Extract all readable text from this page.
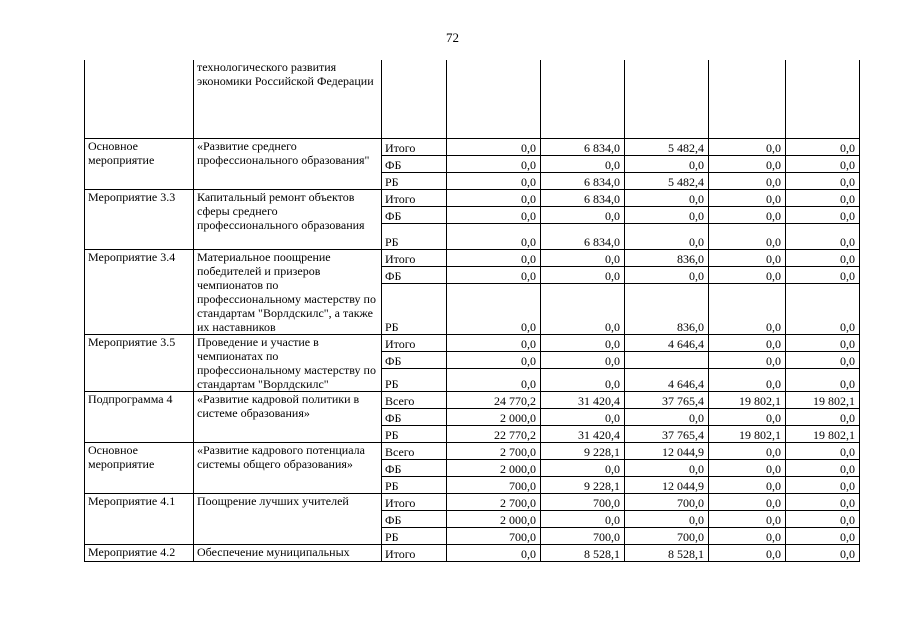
72
	технологического развития экономики Российской Федерации						
Основное мероприятие	«Развитие среднего профессионального образования"	Итого	0,0	6 834,0	5 482,4	0,0	0,0
		ФБ	0,0	0,0	0,0	0,0	0,0
		РБ	0,0	6 834,0	5 482,4	0,0	0,0
Мероприятие 3.3	Капитальный ремонт объектов сферы среднего профессионального образования	Итого	0,0	6 834,0	0,0	0,0	0,0
		ФБ	0,0	0,0	0,0	0,0	0,0
		РБ	0,0	6 834,0	0,0	0,0	0,0
Мероприятие 3.4	Материальное поощрение победителей и призеров чемпионатов по профессиональному мастерству по стандартам "Ворлдскилс", а также их наставников	Итого	0,0	0,0	836,0	0,0	0,0
		ФБ	0,0	0,0	0,0	0,0	0,0
		РБ	0,0	0,0	836,0	0,0	0,0
Мероприятие 3.5	Проведение и участие в чемпионатах по профессиональному мастерству по стандартам "Ворлдскилс"	Итого	0,0	0,0	4 646,4	0,0	0,0
		ФБ	0,0	0,0		0,0	0,0
		РБ	0,0	0,0	4 646,4	0,0	0,0
Подпрограмма 4	«Развитие кадровой политики в системе образования»	Всего	24 770,2	31 420,4	37 765,4	19 802,1	19 802,1
		ФБ	2 000,0	0,0	0,0	0,0	0,0
		РБ	22 770,2	31 420,4	37 765,4	19 802,1	19 802,1
Основное мероприятие	«Развитие кадрового потенциала системы общего образования»	Всего	2 700,0	9 228,1	12 044,9	0,0	0,0
		ФБ	2 000,0	0,0	0,0	0,0	0,0
		РБ	700,0	9 228,1	12 044,9	0,0	0,0
Мероприятие 4.1	Поощрение лучших учителей	Итого	2 700,0	700,0	700,0	0,0	0,0
		ФБ	2 000,0	0,0	0,0	0,0	0,0
		РБ	700,0	700,0	700,0	0,0	0,0
Мероприятие 4.2	Обеспечение муниципальных	Итого	0,0	8 528,1	8 528,1	0,0	0,0
